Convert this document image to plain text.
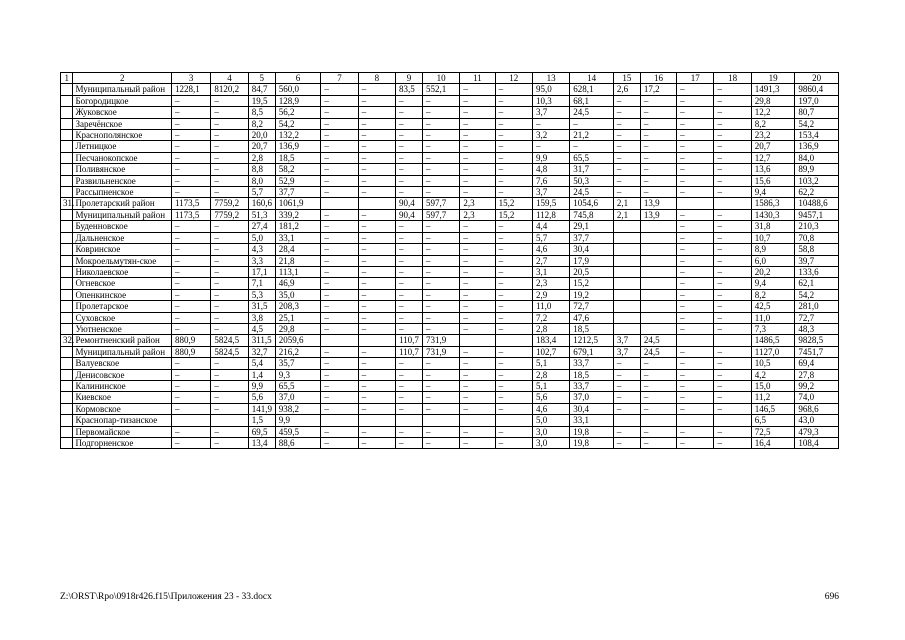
1	2	3	4	5	6	7	8	9	10	11	12	13	14	15	16	17	18	19	20
	Муниципальный район	1228,1	8120,2	84,7	560,0	–	–	83,5	552,1	–	–	95,0	628,1	2,6	17,2	–	–	1491,3	9860,4
	Богородицкое	–	–	19,5	128,9	–	–	–	–	–	–	10,3	68,1	–	–	–	–	29,8	197,0
	Жуковское	–	–	8,5	56,2	–	–	–	–	–	–	3,7	24,5	–	–	–	–	12,2	80,7
	Заречёнское	–	–	8,2	54,2	–	–	–	–	–	–	–	–	–	–	–	–	8,2	54,2
	Краснополянское	–	–	20,0	132,2	–	–	–	–	–	–	3,2	21,2	–	–	–	–	23,2	153,4
	Летницкое	–	–	20,7	136,9	–	–	–	–	–	–	–	–	–	–	–	–	20,7	136,9
	Песчанокопское	–	–	2,8	18,5	–	–	–	–	–	–	9,9	65,5	–	–	–	–	12,7	84,0
	Поливянское	–	–	8,8	58,2	–	–	–	–	–	–	4,8	31,7	–	–	–	–	13,6	89,9
	Развильненское	–	–	8,0	52,9	–	–	–	–	–	–	7,6	50,3	–	–	–	–	15,6	103,2
	Рассыпненское	–	–	5,7	37,7	–	–	–	–	–	–	3,7	24,5	–	–	–	–	9,4	62,2
31.	Пролетарский район	1173,5	7759,2	160,6	1061,9			90,4	597,7	2,3	15,2	159,5	1054,6	2,1	13,9			1586,3	10488,6
	Муниципальный район	1173,5	7759,2	51,3	339,2	–	–	90,4	597,7	2,3	15,2	112,8	745,8	2,1	13,9	–	–	1430,3	9457,1
	Буденновское	–	–	27,4	181,2	–	–	–	–	–	–	4,4	29,1			–	–	31,8	210,3
	Дальненское	–	–	5,0	33,1	–	–	–	–	–	–	5,7	37,7			–	–	10,7	70,8
	Ковринское	–	–	4,3	28,4	–	–	–	–	–	–	4,6	30,4			–	–	8,9	58,8
	Мокроельмутян-ское	–	–	3,3	21,8	–	–	–	–	–	–	2,7	17,9			–	–	6,0	39,7
	Николаевское	–	–	17,1	113,1	–	–	–	–	–	–	3,1	20,5			–	–	20,2	133,6
	Огневское	–	–	7,1	46,9	–	–	–	–	–	–	2,3	15,2			–	–	9,4	62,1
	Опенкинское	–	–	5,3	35,0	–	–	–	–	–	–	2,9	19,2			–	–	8,2	54,2
	Пролетарское	–	–	31,5	208,3	–	–	–	–	–	–	11,0	72,7			–	–	42,5	281,0
	Суховское	–	–	3,8	25,1	–	–	–	–	–	–	7,2	47,6			–	–	11,0	72,7
	Уютненское	–	–	4,5	29,8	–	–	–	–	–	–	2,8	18,5			–	–	7,3	48,3
32.	Ремонтненский район	880,9	5824,5	311,5	2059,6			110,7	731,9			183,4	1212,5	3,7	24,5			1486,5	9828,5
	Муниципальный район	880,9	5824,5	32,7	216,2	–	–	110,7	731,9	–	–	102,7	679,1	3,7	24,5	–	–	1127,0	7451,7
	Валуевское	–	–	5,4	35,7	–	–	–	–	–	–	5,1	33,7	–	–	–	–	10,5	69,4
	Денисовское	–	–	1,4	9,3	–	–	–	–	–	–	2,8	18,5	–	–	–	–	4,2	27,8
	Калининское	–	–	9,9	65,5	–	–	–	–	–	–	5,1	33,7	–	–	–	–	15,0	99,2
	Киевское	–	–	5,6	37,0	–	–	–	–	–	–	5,6	37,0	–	–	–	–	11,2	74,0
	Кормовское	–	–	141,9	938,2	–	–	–	–	–	–	4,6	30,4	–	–	–	–	146,5	968,6
	Краснопар-тизанское			1,5	9,9							5,0	33,1					6,5	43,0
	Первомайское	–	–	69,5	459,5	–	–	–	–	–	–	3,0	19,8	–	–	–	–	72,5	479,3
	Подгорненское	–	–	13,4	88,6	–	–	–	–	–	–	3,0	19,8	–	–	–	–	16,4	108,4
Z:\ORST\Rpo\0918r426.f15\Приложения 23 - 33.docx	696
